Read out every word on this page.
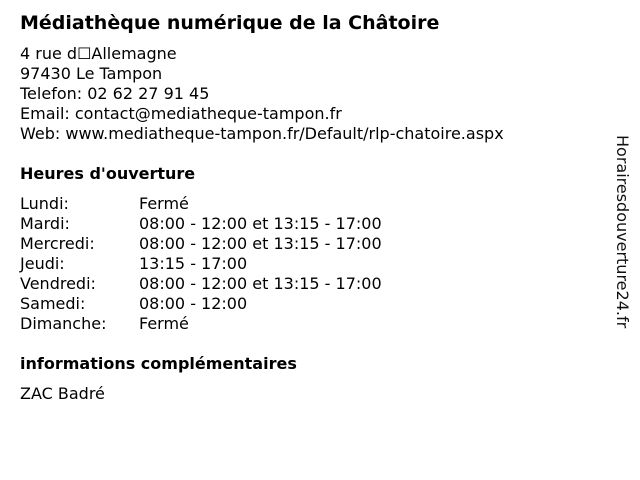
Médiathèque numérique de la Châtoire
4 rue d☐Allemagne
97430 Le Tampon
Telefon: 02 62 27 91 45
Email: contact@mediatheque-tampon.fr
Web: www.mediatheque-tampon.fr/Default/rlp-chatoire.aspx
Heures d'ouverture
Lundi:	Fermé
Mardi:	08:00 - 12:00 et 13:15 - 17:00
Mercredi:	08:00 - 12:00 et 13:15 - 17:00
Jeudi:	13:15 - 17:00
Vendredi:	08:00 - 12:00 et 13:15 - 17:00
Samedi:	08:00 - 12:00
Dimanche: Fermé
informations complémentaires
ZAC Badré
Horairesdouverture24.fr
